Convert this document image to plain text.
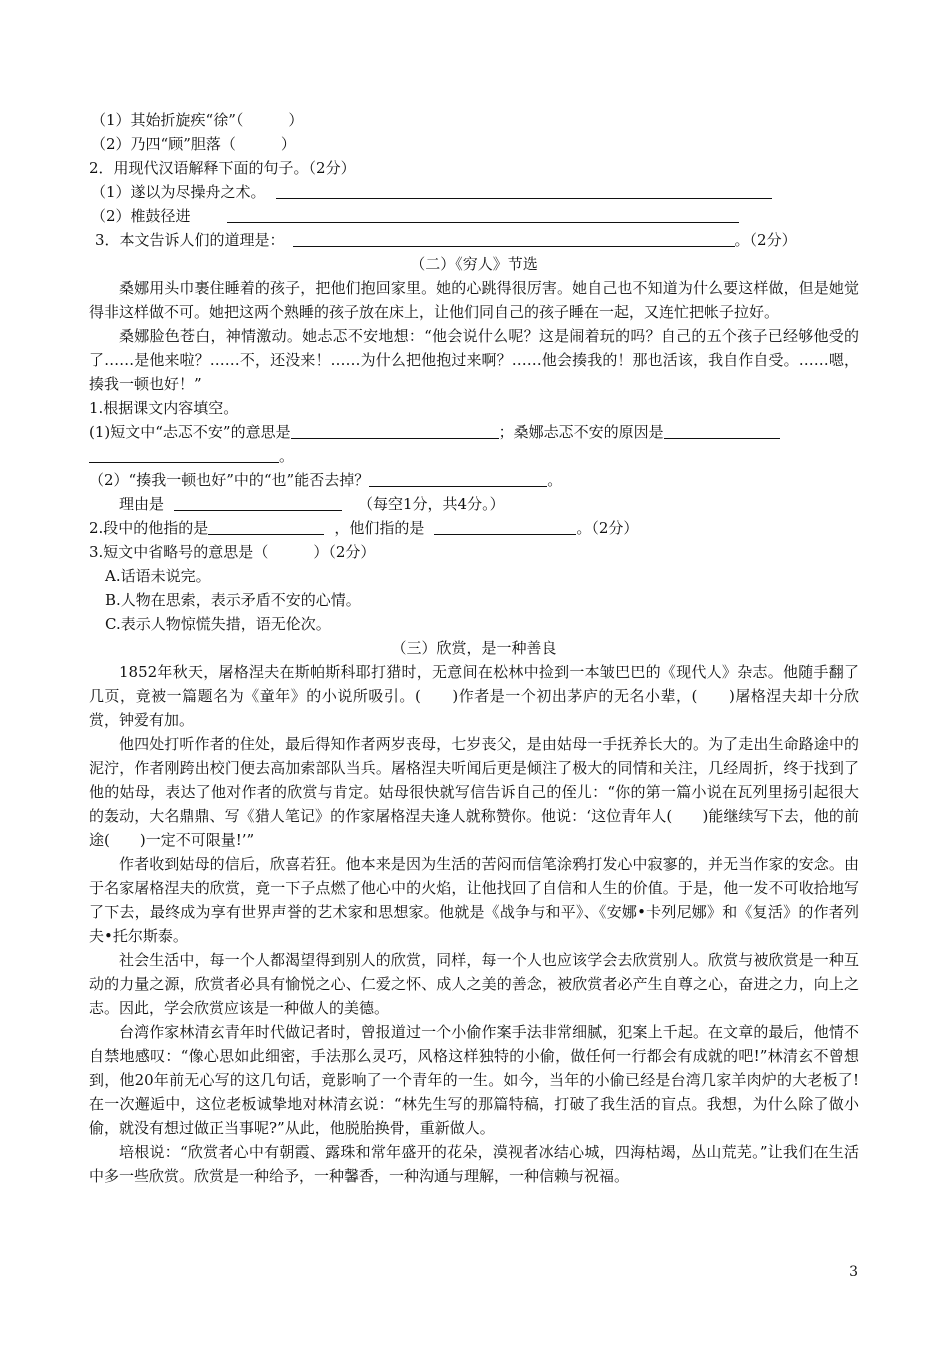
（1）其始折旋疾“徐”（　　　）
（2）乃四“顾”胆落（　　　）
2．用现代汉语解释下面的句子。（2分）
（1）遂以为尽操舟之术。
（2）椎鼓径进
3．本文告诉人们的道理是：	。（2分）
（二）《穷人》节选
桑娜用头巾裹住睡着的孩子，把他们抱回家里。她的心跳得很厉害。她自己也不知道为什么要这样做，但是她觉得非这样做不可。她把这两个熟睡的孩子放在床上，让他们同自己的孩子睡在一起，又连忙把帐子拉好。
桑娜脸色苍白，神情激动。她忐忑不安地想：“他会说什么呢？这是闹着玩的吗？自己的五个孩子已经够他受的了……是他来啦？……不，还没来！……为什么把他抱过来啊？……他会揍我的！那也活该，我自作自受。……嗯，揍我一顿也好！”
1.根据课文内容填空。
(1)短文中“忐忑不安”的意思是	；桑娜忐忑不安的原因是
。
（2）“揍我一顿也好”中的“也”能否去掉？	。
理由是	（每空1分，共4分。）
2.段中的他指的是	，他们指的是	。（2分）
3.短文中省略号的意思是（　　　）（2分）
A.话语未说完。
B.人物在思索，表示矛盾不安的心情。
C.表示人物惊慌失措，语无伦次。
（三）欣赏，是一种善良
1852年秋天，屠格涅夫在斯帕斯科耶打猎时，无意间在松林中捡到一本皱巴巴的《现代人》杂志。他随手翻了几页，竟被一篇题名为《童年》的小说所吸引。(　　)作者是一个初出茅庐的无名小辈，(　　)屠格涅夫却十分欣赏，钟爱有加。
他四处打听作者的住处，最后得知作者两岁丧母，七岁丧父，是由姑母一手抚养长大的。为了走出生命路途中的泥泞，作者刚跨出校门便去高加索部队当兵。屠格涅夫听闻后更是倾注了极大的同情和关注，几经周折，终于找到了他的姑母，表达了他对作者的欣赏与肯定。姑母很快就写信告诉自己的侄儿：“你的第一篇小说在瓦列里扬引起很大的轰动，大名鼎鼎、写《猎人笔记》的作家屠格涅夫逢人就称赞你。他说：‘这位青年人(　　)能继续写下去，他的前途(　　)一定不可限量!’”
作者收到姑母的信后，欣喜若狂。他本来是因为生活的苦闷而信笔涂鸦打发心中寂寥的，并无当作家的安念。由于名家屠格涅夫的欣赏，竟一下子点燃了他心中的火焰，让他找回了自信和人生的价值。于是，他一发不可收拾地写了下去，最终成为享有世界声誉的艺术家和思想家。他就是《战争与和平》、《安娜•卡列尼娜》和《复活》的作者列夫•托尔斯泰。
社会生活中，每一个人都渴望得到别人的欣赏，同样，每一个人也应该学会去欣赏别人。欣赏与被欣赏是一种互动的力量之源，欣赏者必具有愉悦之心、仁爱之怀、成人之美的善念，被欣赏者必产生自尊之心，奋进之力，向上之志。因此，学会欣赏应该是一种做人的美德。
台湾作家林清玄青年时代做记者时，曾报道过一个小偷作案手法非常细腻，犯案上千起。在文章的最后，他情不自禁地感叹：“像心思如此细密，手法那么灵巧，风格这样独特的小偷，做任何一行都会有成就的吧!”林清玄不曾想到，他20年前无心写的这几句话，竟影响了一个青年的一生。如今，当年的小偷已经是台湾几家羊肉炉的大老板了!在一次邂逅中，这位老板诚挚地对林清玄说：“林先生写的那篇特稿，打破了我生活的盲点。我想，为什么除了做小偷，就没有想过做正当事呢?”从此，他脱胎换骨，重新做人。
培根说：“欣赏者心中有朝霞、露珠和常年盛开的花朵，漠视者冰结心城，四海枯竭，丛山荒芜。”让我们在生活中多一些欣赏。欣赏是一种给予，一种馨香，一种沟通与理解，一种信赖与祝福。
3
